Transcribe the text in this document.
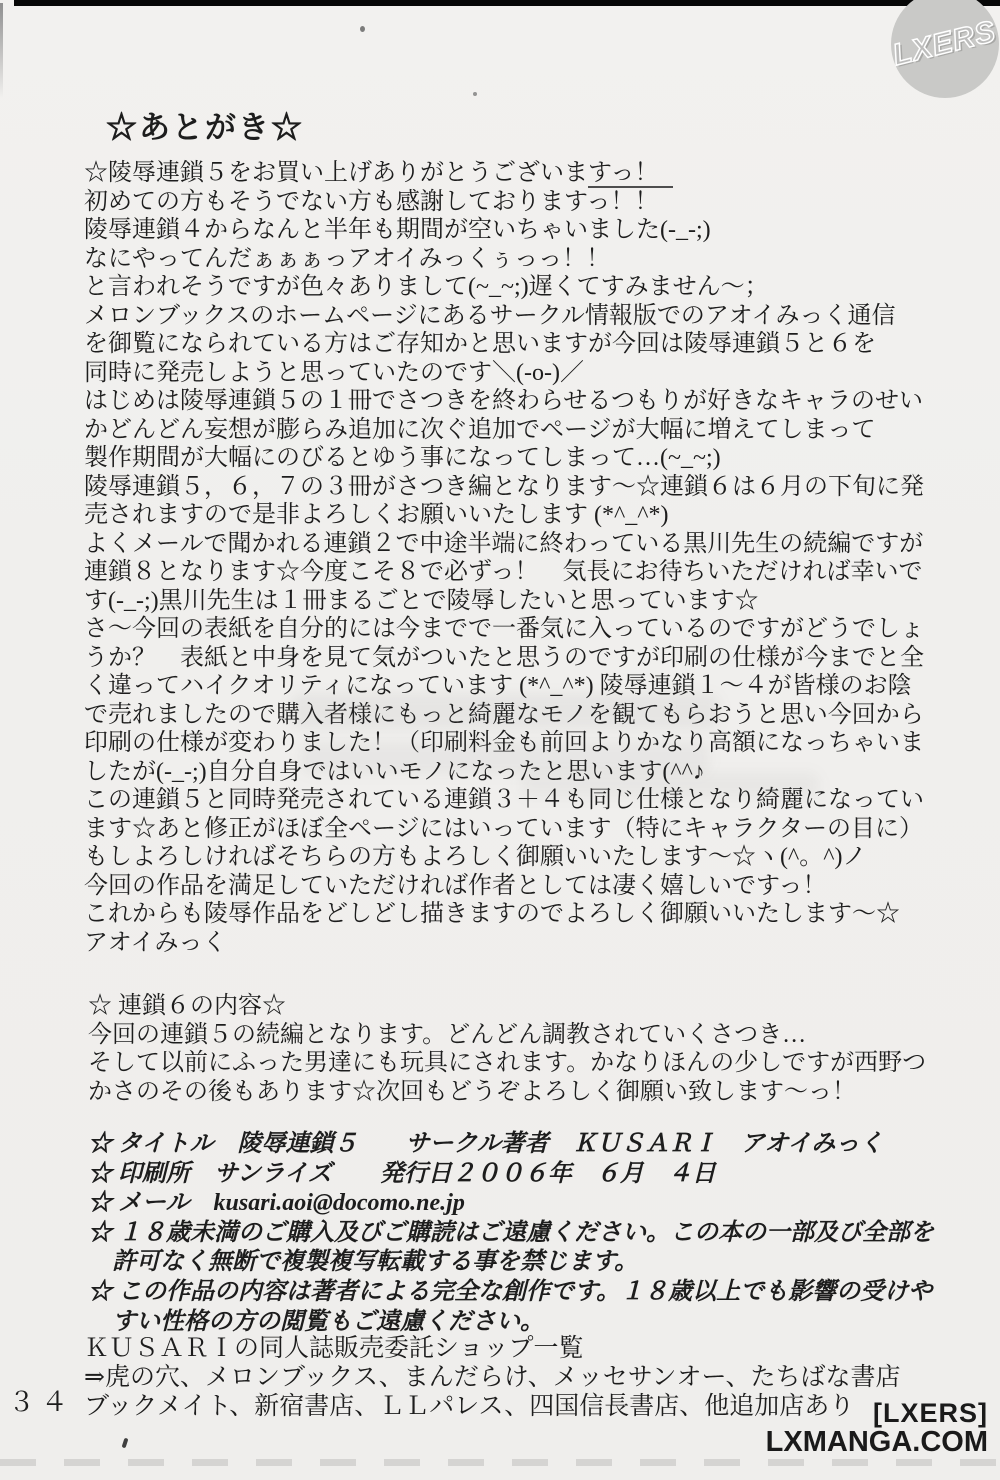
LXERS
☆あとがき☆
☆陵辱連鎖５をお買い上げありがとうございますっ！
初めての方もそうでない方も感謝しておりますっ！！
陵辱連鎖４からなんと半年も期間が空いちゃいました(-_-;)
なにやってんだぁぁぁっアオイみっくぅっっ！！
と言われそうですが色々ありまして(~_~;)遅くてすみません～；
メロンブックスのホームページにあるサークル情報版でのアオイみっく通信
を御覧になられている方はご存知かと思いますが今回は陵辱連鎖５と６を
同時に発売しようと思っていたのです＼(-o-)／
はじめは陵辱連鎖５の１冊でさつきを終わらせるつもりが好きなキャラのせい
かどんどん妄想が膨らみ追加に次ぐ追加でページが大幅に増えてしまって
製作期間が大幅にのびるとゆう事になってしまって…(~_~;)
陵辱連鎖５，６，７の３冊がさつき編となります～☆連鎖６は６月の下旬に発
売されますので是非よろしくお願いいたします (*^_^*)
よくメールで聞かれる連鎖２で中途半端に終わっている黒川先生の続編ですが
連鎖８となります☆今度こそ８で必ずっ！　気長にお待ちいただければ幸いで
す(-_-;)黒川先生は１冊まるごとで陵辱したいと思っています☆
さ～今回の表紙を自分的には今までで一番気に入っているのですがどうでしょ
うか？　表紙と中身を見て気がついたと思うのですが印刷の仕様が今までと全
く違ってハイクオリティになっています (*^_^*) 陵辱連鎖１～４が皆様のお陰
で売れましたので購入者様にもっと綺麗なモノを観てもらおうと思い今回から
印刷の仕様が変わりました！（印刷料金も前回よりかなり高額になっちゃいま
したが(-_-;)自分自身ではいいモノになったと思います(^^♪
この連鎖５と同時発売されている連鎖３＋４も同じ仕様となり綺麗になってい
ます☆あと修正がほぼ全ページにはいっています（特にキャラクターの目に）
もしよろしければそちらの方もよろしく御願いいたします～☆ヽ(^。^)ノ
今回の作品を満足していただければ作者としては凄く嬉しいですっ！
これからも陵辱作品をどしどし描きますのでよろしく御願いいたします～☆
アオイみっく
☆ 連鎖６の内容☆
今回の連鎖５の続編となります。どんどん調教されていくさつき…
そして以前にふった男達にも玩具にされます。かなりほんの少しですが西野つ
かさのその後もあります☆次回もどうぞよろしく御願い致します～っ！
☆ タイトル　陵辱連鎖５　　サークル著者　ＫＵＳＡＲＩ　アオイみっく
☆ 印刷所　サンライズ　　発行日２００６年　６月　４日
☆ メール　kusari.aoi@docomo.ne.jp
☆ １８歳未満のご購入及びご購読はご遠慮ください。この本の一部及び全部を
　許可なく無断で複製複写転載する事を禁じます。
☆ この作品の内容は著者による完全な創作です。１８歳以上でも影響の受けや
　すい性格の方の閲覧もご遠慮ください。
ＫＵＳＡＲＩの同人誌販売委託ショップ一覧
⇒虎の穴、メロンブックス、まんだらけ、メッセサンオー、たちばな書店
ブックメイト、新宿書店、ＬＬパレス、四国信長書店、他追加店あり
３４	[LXERS]
LXMANGA.COM
